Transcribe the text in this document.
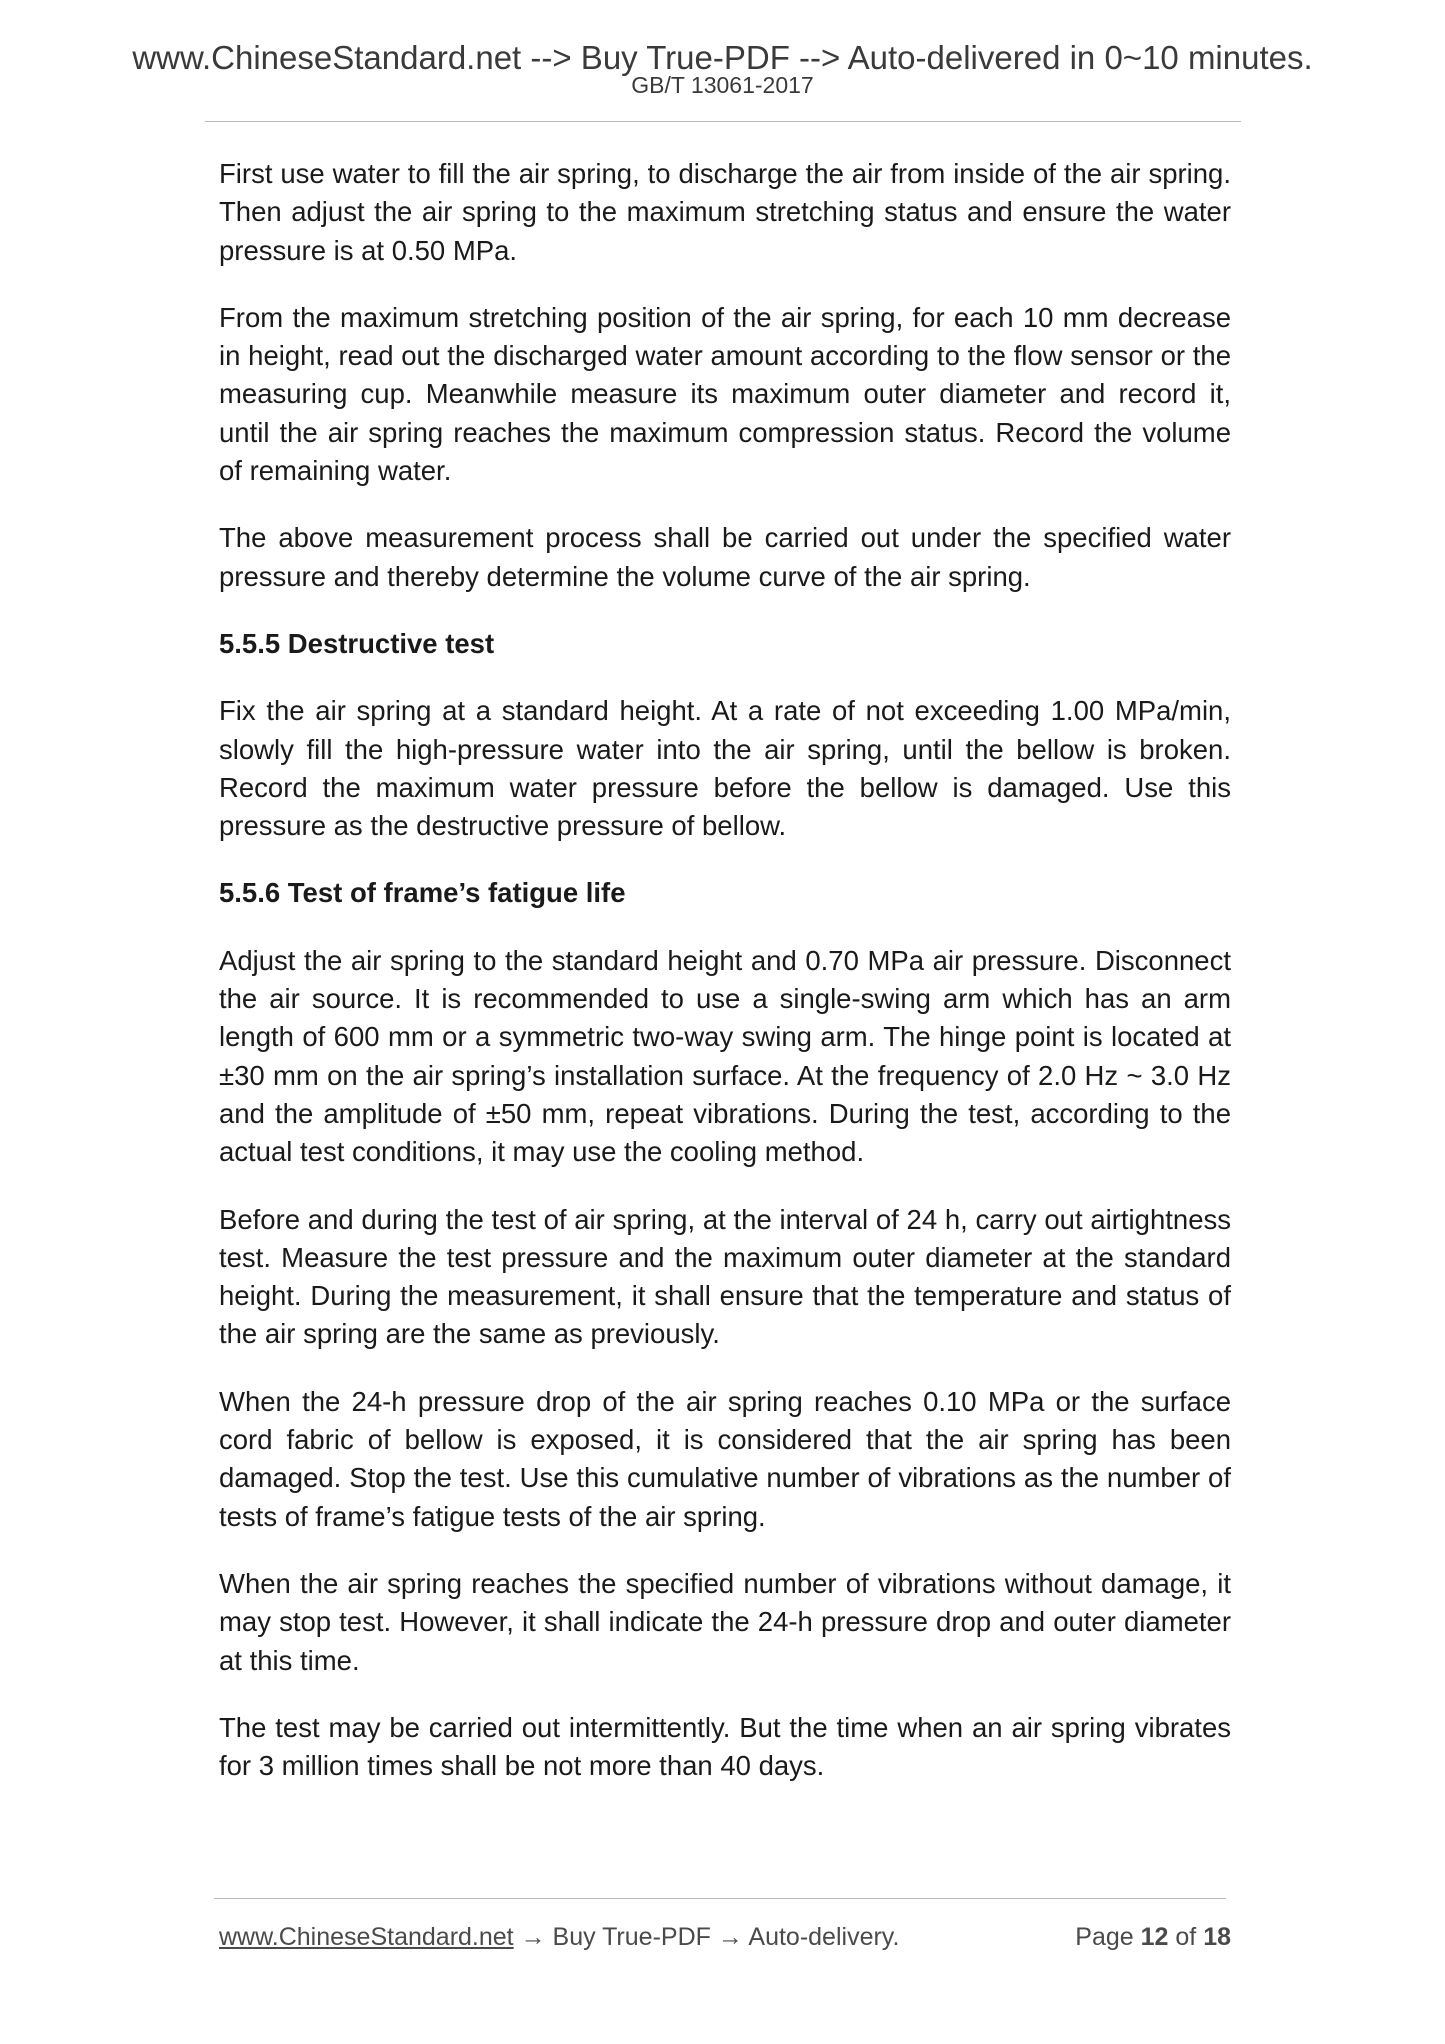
www.ChineseStandard.net --> Buy True-PDF --> Auto-delivered in 0~10 minutes.
GB/T 13061-2017

First use water to fill the air spring, to discharge the air from inside of the air spring. Then adjust the air spring to the maximum stretching status and ensure the water pressure is at 0.50 MPa.

From the maximum stretching position of the air spring, for each 10 mm decrease in height, read out the discharged water amount according to the flow sensor or the measuring cup. Meanwhile measure its maximum outer diameter and record it, until the air spring reaches the maximum compression status. Record the volume of remaining water.

The above measurement process shall be carried out under the specified water pressure and thereby determine the volume curve of the air spring.

5.5.5 Destructive test

Fix the air spring at a standard height. At a rate of not exceeding 1.00 MPa/min, slowly fill the high-pressure water into the air spring, until the bellow is broken. Record the maximum water pressure before the bellow is damaged. Use this pressure as the destructive pressure of bellow.

5.5.6 Test of frame’s fatigue life

Adjust the air spring to the standard height and 0.70 MPa air pressure. Disconnect the air source. It is recommended to use a single-swing arm which has an arm length of 600 mm or a symmetric two-way swing arm. The hinge point is located at ±30 mm on the air spring’s installation surface. At the frequency of 2.0 Hz ~ 3.0 Hz and the amplitude of ±50 mm, repeat vibrations. During the test, according to the actual test conditions, it may use the cooling method.

Before and during the test of air spring, at the interval of 24 h, carry out airtightness test. Measure the test pressure and the maximum outer diameter at the standard height. During the measurement, it shall ensure that the temperature and status of the air spring are the same as previously.

When the 24-h pressure drop of the air spring reaches 0.10 MPa or the surface cord fabric of bellow is exposed, it is considered that the air spring has been damaged. Stop the test. Use this cumulative number of vibrations as the number of tests of frame’s fatigue tests of the air spring.

When the air spring reaches the specified number of vibrations without damage, it may stop test. However, it shall indicate the 24-h pressure drop and outer diameter at this time.

The test may be carried out intermittently. But the time when an air spring vibrates for 3 million times shall be not more than 40 days.

www.ChineseStandard.net → Buy True-PDF → Auto-delivery.	Page 12 of 18
